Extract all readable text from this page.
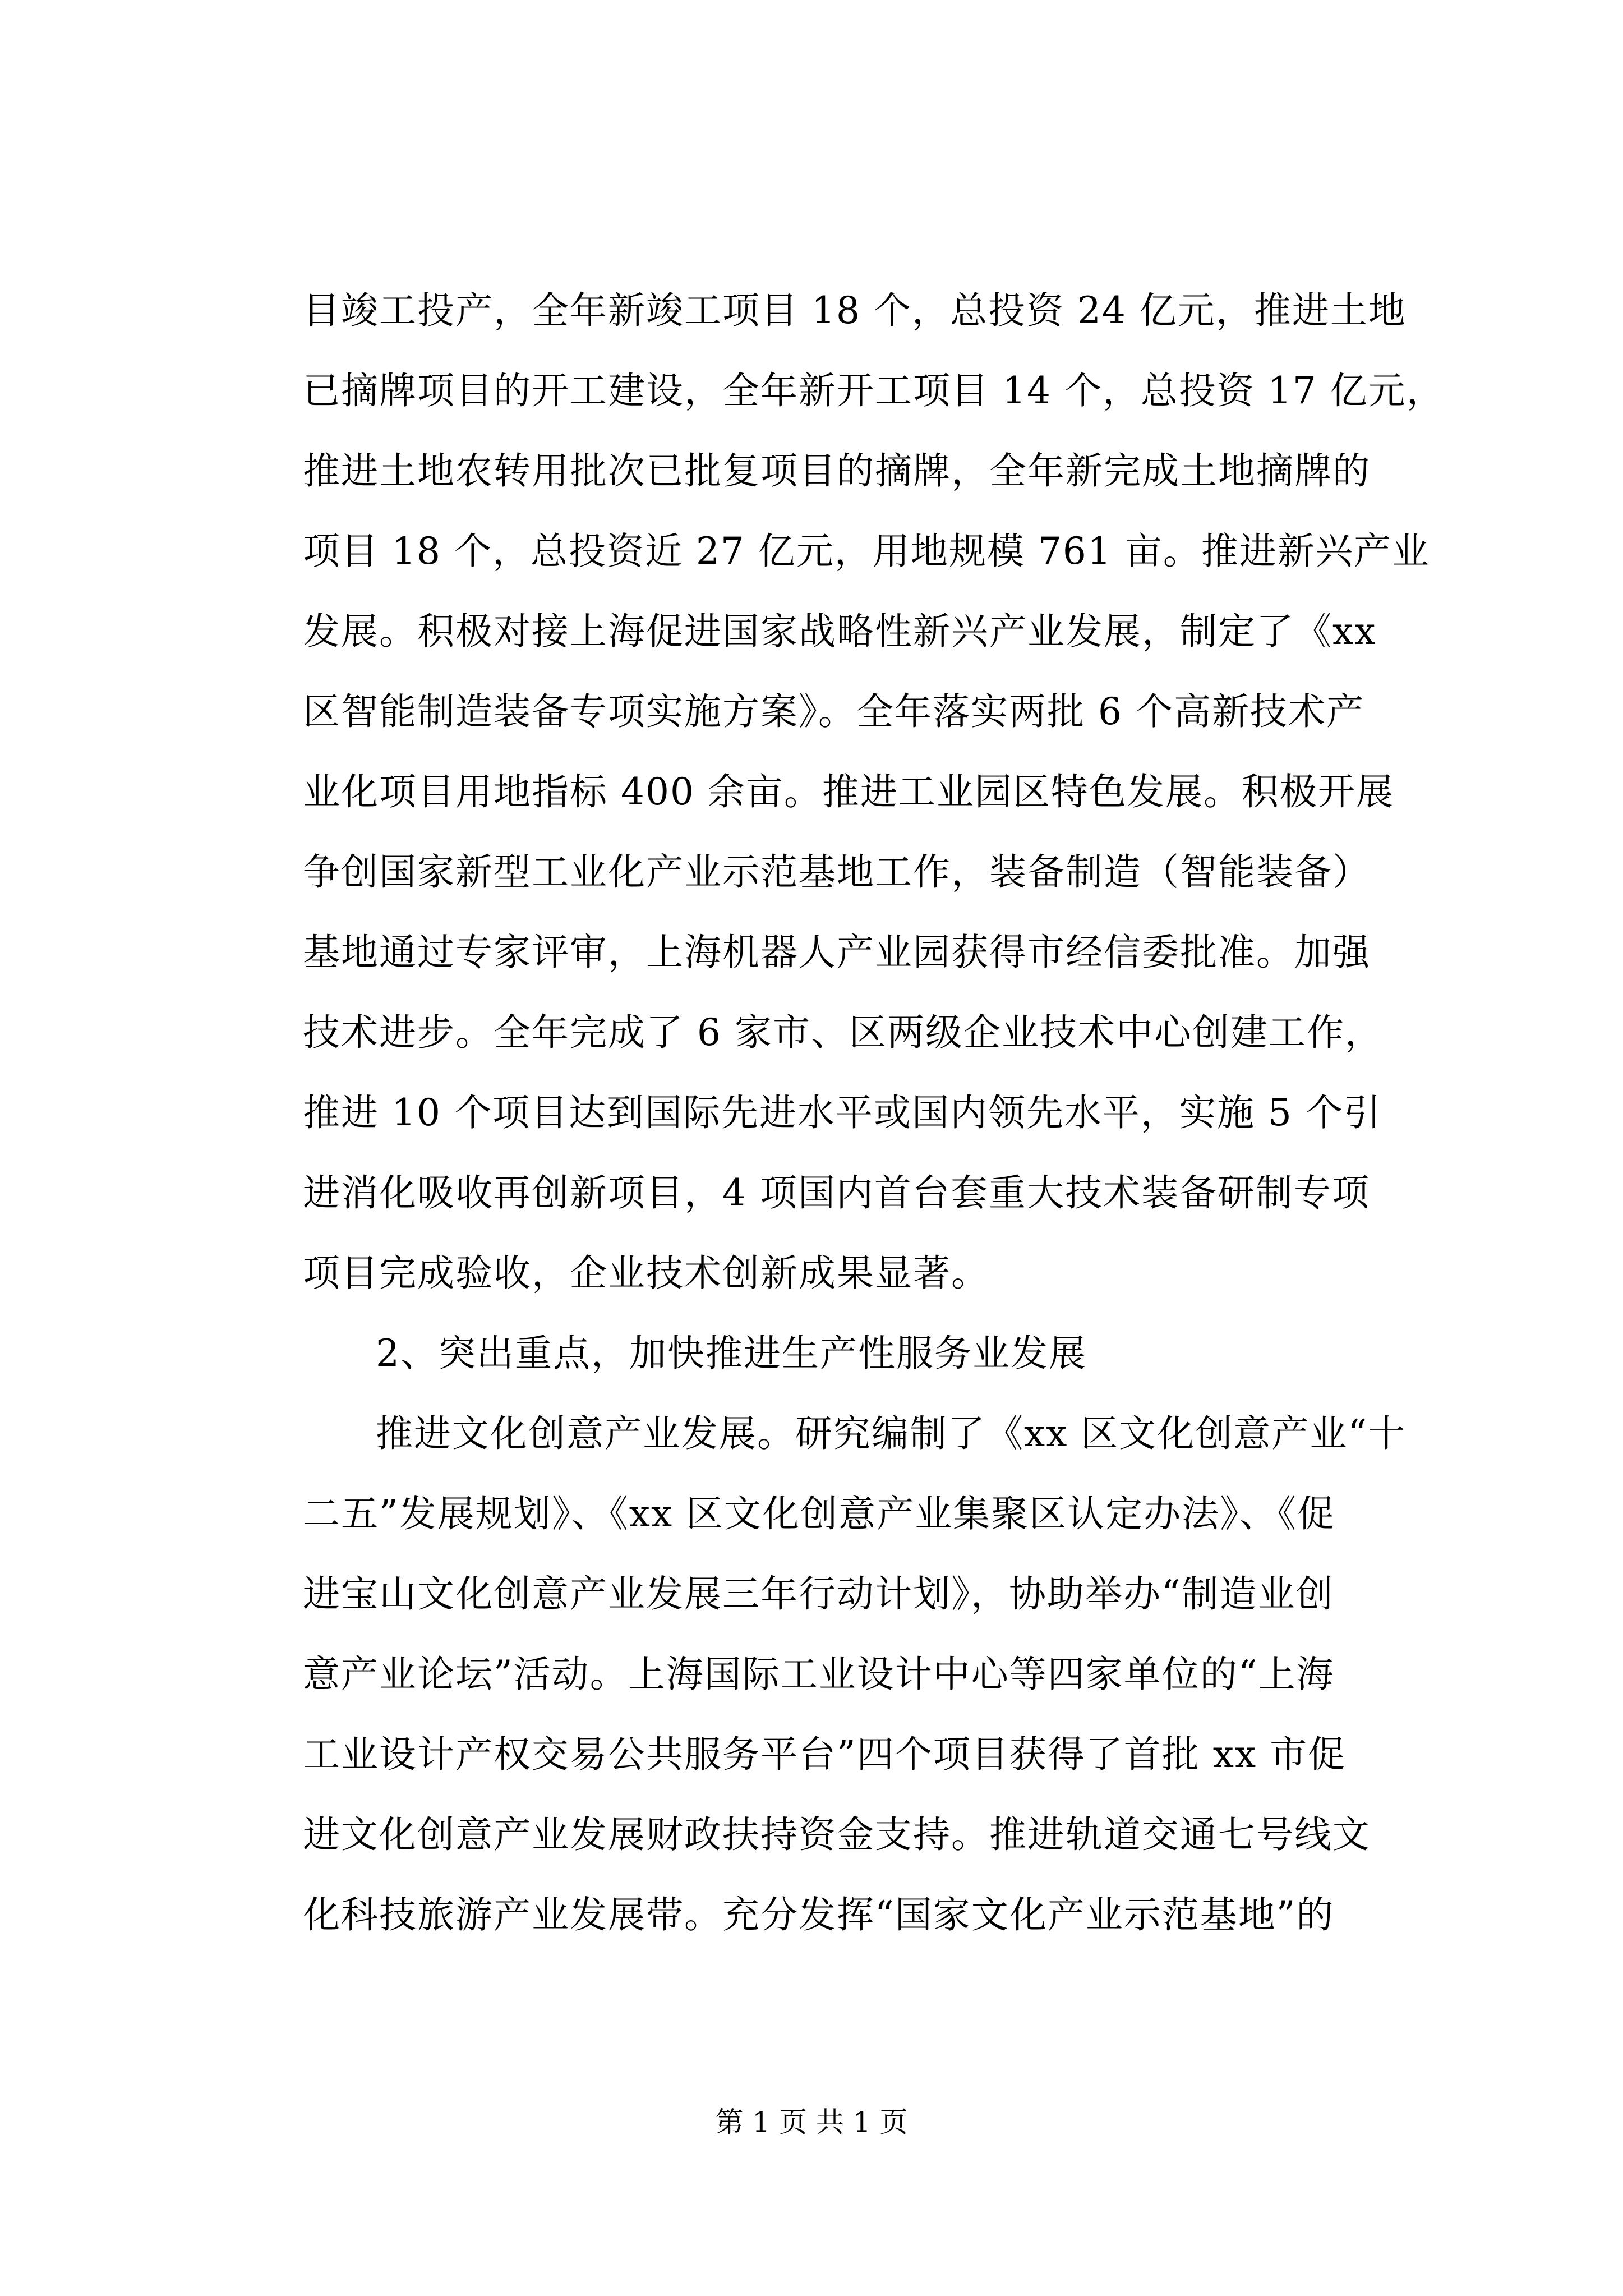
目竣工投产，全年新竣工项目 18 个，总投资 24 亿元，推进土地
已摘牌项目的开工建设，全年新开工项目 14 个，总投资 17 亿元，
推进土地农转用批次已批复项目的摘牌，全年新完成土地摘牌的
项目 18 个，总投资近 27 亿元，用地规模 761 亩。推进新兴产业
发展。积极对接上海促进国家战略性新兴产业发展，制定了《xx
区智能制造装备专项实施方案》。全年落实两批 6 个高新技术产
业化项目用地指标 400 余亩。推进工业园区特色发展。积极开展
争创国家新型工业化产业示范基地工作，装备制造（智能装备）
基地通过专家评审，上海机器人产业园获得市经信委批准。加强
技术进步。全年完成了 6 家市、区两级企业技术中心创建工作，
推进 10 个项目达到国际先进水平或国内领先水平，实施 5 个引
进消化吸收再创新项目，4 项国内首台套重大技术装备研制专项
项目完成验收，企业技术创新成果显著。
2、突出重点，加快推进生产性服务业发展
推进文化创意产业发展。研究编制了《xx 区文化创意产业“十
二五”发展规划》、《xx 区文化创意产业集聚区认定办法》、《促
进宝山文化创意产业发展三年行动计划》，协助举办“制造业创
意产业论坛”活动。上海国际工业设计中心等四家单位的“上海
工业设计产权交易公共服务平台”四个项目获得了首批 xx 市促
进文化创意产业发展财政扶持资金支持。推进轨道交通七号线文
化科技旅游产业发展带。充分发挥“国家文化产业示范基地”的
第 1 页 共 1 页
